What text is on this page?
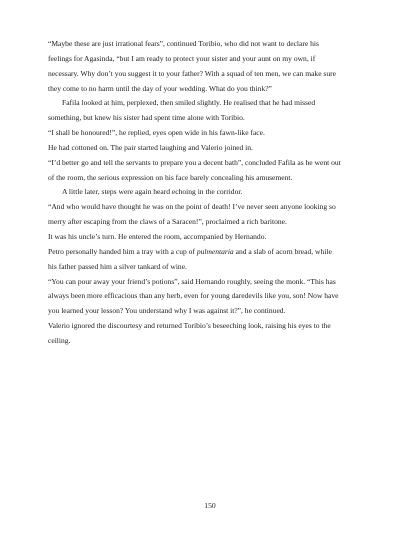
“Maybe these are just irrational fears”, continued Toribio, who did not want to declare his
feelings for Agasinda, “but I am ready to protect your sister and your aunt on my own, if
necessary. Why don’t you suggest it to your father? With a squad of ten men, we can make sure
they come to no harm until the day of your wedding. What do you think?”

Fafila looked at him, perplexed, then smiled slightly. He realised that he had missed
something, but knew his sister had spent time alone with Toribio.

“I shall be honoured!”, he replied, eyes open wide in his fawn-like face.

He had cottoned on. The pair started laughing and Valerio joined in.

“I’d better go and tell the servants to prepare you a decent bath”, concluded Fafila as he went out
of the room, the serious expression on his face barely concealing his amusement.

A little later, steps were again heard echoing in the corridor.

“And who would have thought he was on the point of death! I’ve never seen anyone looking so
merry after escaping from the claws of a Saracen!”, proclaimed a rich baritone.

It was his uncle’s turn. He entered the room, accompanied by Hernando.

Petro personally handed him a tray with a cup of pulmentaria and a slab of acorn bread, while
his father passed him a silver tankard of wine.

“You can pour away your friend’s potions”, said Hernando roughly, seeing the monk. “This has
always been more efficacious than any herb, even for young daredevils like you, son! Now have
you learned your lesson? You understand why I was against it?”, he continued.

Valerio ignored the discourtesy and returned Toribio’s beseeching look, raising his eyes to the
ceiling.

150
